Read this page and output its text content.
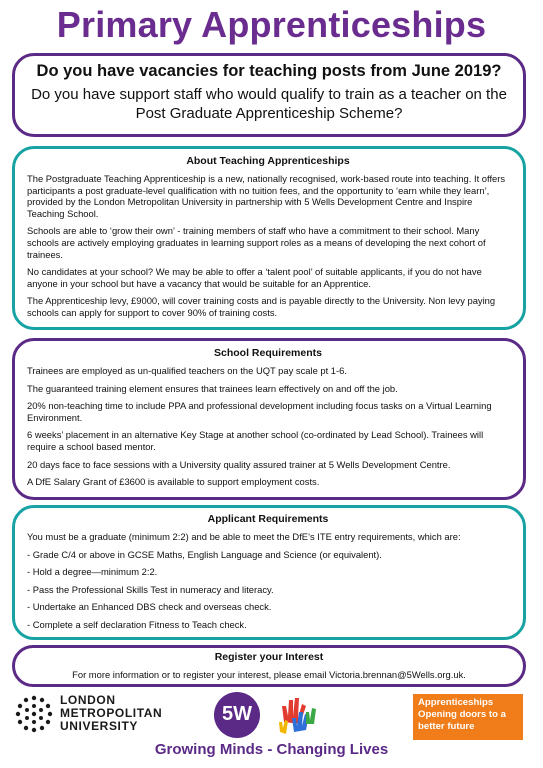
Primary Apprenticeships

Do you have vacancies for teaching posts from June 2019?

Do you have support staff who would qualify to train as a teacher on the Post Graduate Apprenticeship Scheme?

About Teaching Apprenticeships

The Postgraduate Teaching Apprenticeship is a new, nationally recognised, work-based route into teaching. It offers participants a post graduate-level qualification with no tuition fees, and the opportunity to ‘earn while they learn’, provided by the London Metropolitan University in partnership with 5 Wells Development Centre and Inspire Teaching School.

Schools are able to ‘grow their own’ - training members of staff who have a commitment to their school. Many schools are actively employing graduates in learning support roles as a means of developing the next cohort of trainees.

No candidates at your school? We may be able to offer a ‘talent pool’ of suitable applicants, if you do not have anyone in your school but have a vacancy that would be suitable for an Apprentice.

The Apprenticeship levy, £9000, will cover training costs and is payable directly to the University. Non levy paying schools can apply for support to cover 90% of training costs.

School Requirements

Trainees are employed as un-qualified teachers on the UQT pay scale pt 1-6.

The guaranteed training element ensures that trainees learn effectively on and off the job.

20% non-teaching time to include PPA and professional development including focus tasks on a Virtual Learning Environment.

6 weeks’ placement in an alternative Key Stage at another school (co-ordinated by Lead School). Trainees will require a school based mentor.

20 days face to face sessions with a University quality assured trainer at 5 Wells Development Centre.

A DfE Salary Grant of £3600 is available to support employment costs.

Applicant Requirements

You must be a graduate (minimum 2:2) and be able to meet the DfE’s ITE entry requirements, which are:

- Grade C/4 or above in GCSE Maths, English Language and Science (or equivalent).

- Hold a degree—minimum 2:2.

- Pass the Professional Skills Test in numeracy and literacy.

- Undertake an Enhanced DBS check and overseas check.

- Complete a self declaration Fitness to Teach check.

Register your Interest

For more information or to register your interest, please email Victoria.brennan@5Wells.org.uk.

LONDON
METROPOLITAN
UNIVERSITY
5W
Apprenticeships
Opening doors to a
better future
Growing Minds - Changing Lives
